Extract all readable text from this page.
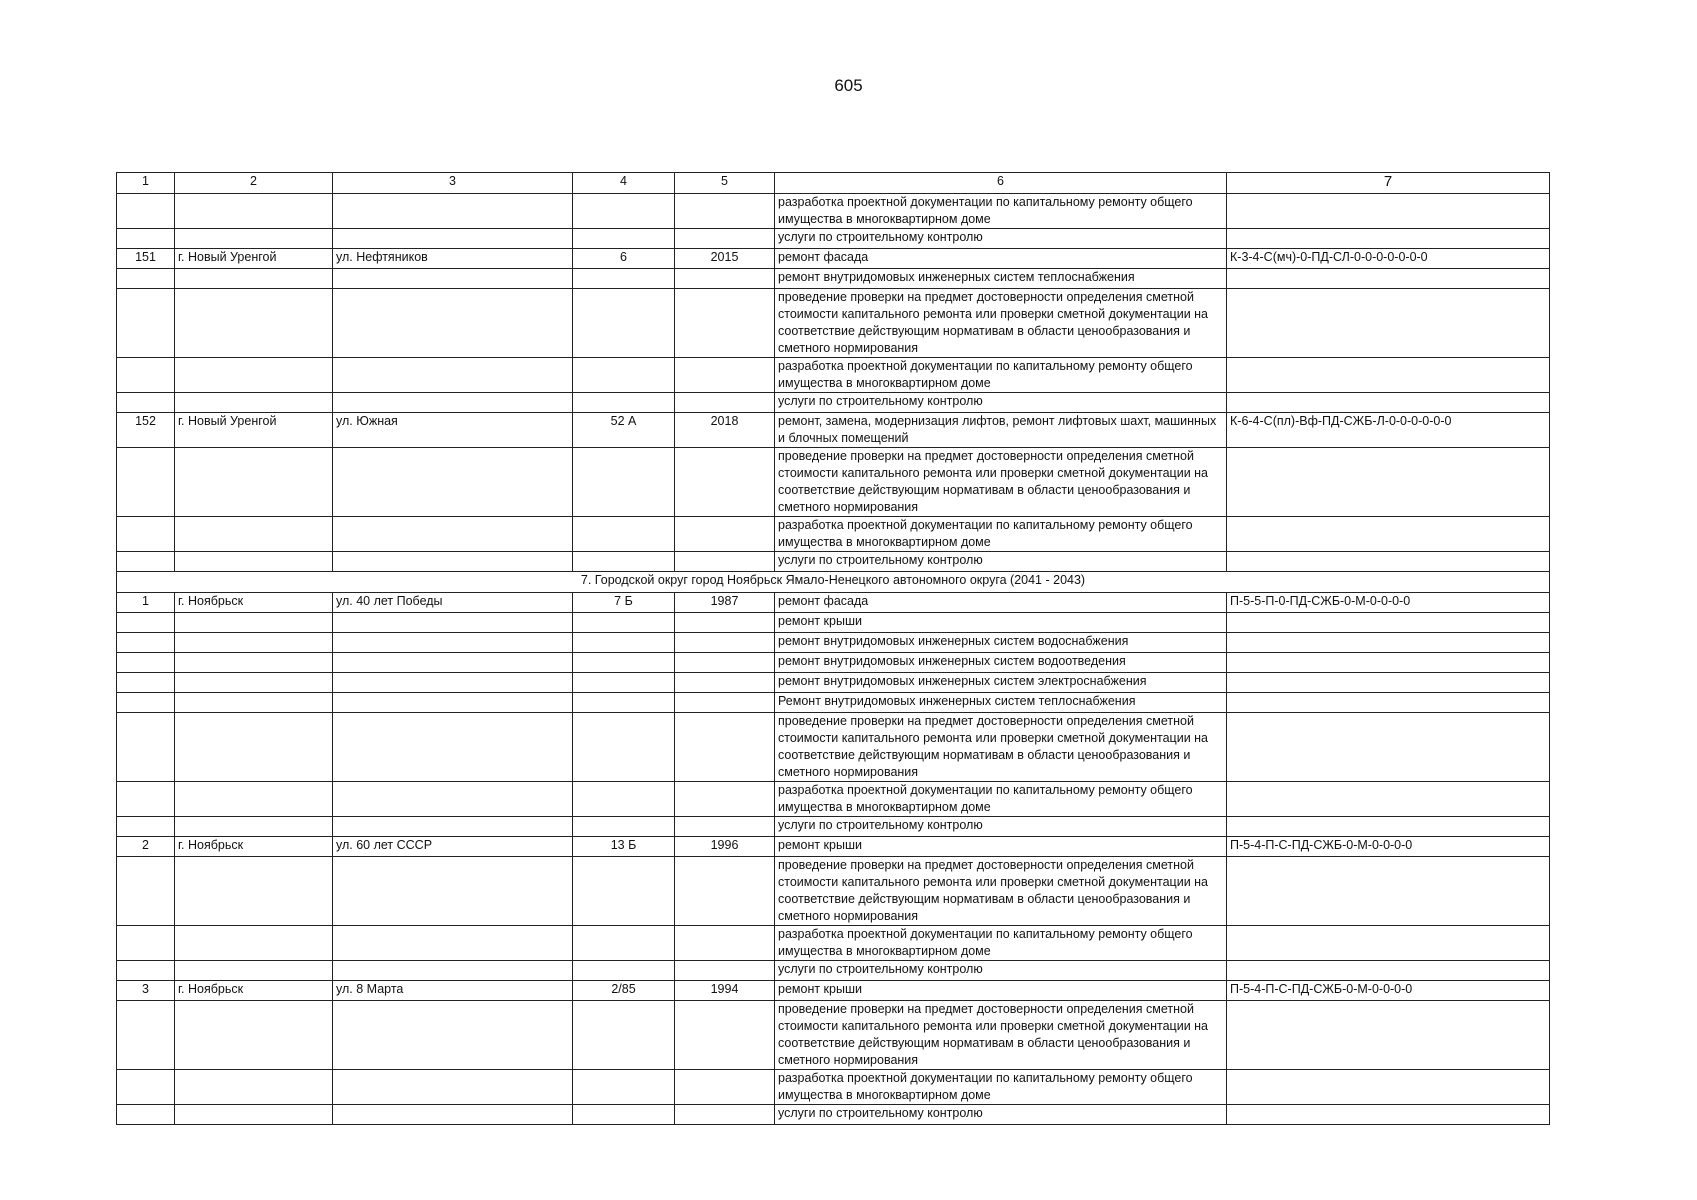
605
1	2	3	4	5	6	7
					разработка проектной документации по капитальному ремонту общего имущества в многоквартирном доме	
					услуги по строительному контролю	
151	г. Новый Уренгой	ул. Нефтяников	6	2015	ремонт фасада	К-3-4-С(мч)-0-ПД-СЛ-0-0-0-0-0-0-0
					ремонт внутридомовых инженерных систем теплоснабжения	
					проведение проверки на предмет достоверности определения сметной стоимости капитального ремонта или проверки сметной документации на соответствие действующим нормативам в области ценообразования и сметного нормирования	
					разработка проектной документации по капитальному ремонту общего имущества в многоквартирном доме	
					услуги по строительному контролю	
152	г. Новый Уренгой	ул. Южная	52 А	2018	ремонт, замена, модернизация лифтов, ремонт лифтовых шахт, машинных и блочных помещений	К-6-4-С(пл)-Вф-ПД-СЖБ-Л-0-0-0-0-0-0
					проведение проверки на предмет достоверности определения сметной стоимости капитального ремонта или проверки сметной документации на соответствие действующим нормативам в области ценообразования и сметного нормирования	
					разработка проектной документации по капитальному ремонту общего имущества в многоквартирном доме	
					услуги по строительному контролю	
7. Городской округ город Ноябрьск Ямало-Ненецкого автономного округа (2041 - 2043)						
1	г. Ноябрьск	ул. 40 лет Победы	7 Б	1987	ремонт фасада	П-5-5-П-0-ПД-СЖБ-0-М-0-0-0-0
					ремонт крыши	
					ремонт внутридомовых инженерных систем водоснабжения	
					ремонт внутридомовых инженерных систем водоотведения	
					ремонт внутридомовых инженерных систем электроснабжения	
					Ремонт внутридомовых инженерных систем теплоснабжения	
					проведение проверки на предмет достоверности определения сметной стоимости капитального ремонта или проверки сметной документации на соответствие действующим нормативам в области ценообразования и сметного нормирования	
					разработка проектной документации по капитальному ремонту общего имущества в многоквартирном доме	
					услуги по строительному контролю	
2	г. Ноябрьск	ул. 60 лет СССР	13 Б	1996	ремонт крыши	П-5-4-П-С-ПД-СЖБ-0-М-0-0-0-0
					проведение проверки на предмет достоверности определения сметной стоимости капитального ремонта или проверки сметной документации на соответствие действующим нормативам в области ценообразования и сметного нормирования	
					разработка проектной документации по капитальному ремонту общего имущества в многоквартирном доме	
					услуги по строительному контролю	
3	г. Ноябрьск	ул. 8 Марта	2/85	1994	ремонт крыши	П-5-4-П-С-ПД-СЖБ-0-М-0-0-0-0
					проведение проверки на предмет достоверности определения сметной стоимости капитального ремонта или проверки сметной документации на соответствие действующим нормативам в области ценообразования и сметного нормирования	
					разработка проектной документации по капитальному ремонту общего имущества в многоквартирном доме	
					услуги по строительному контролю	
